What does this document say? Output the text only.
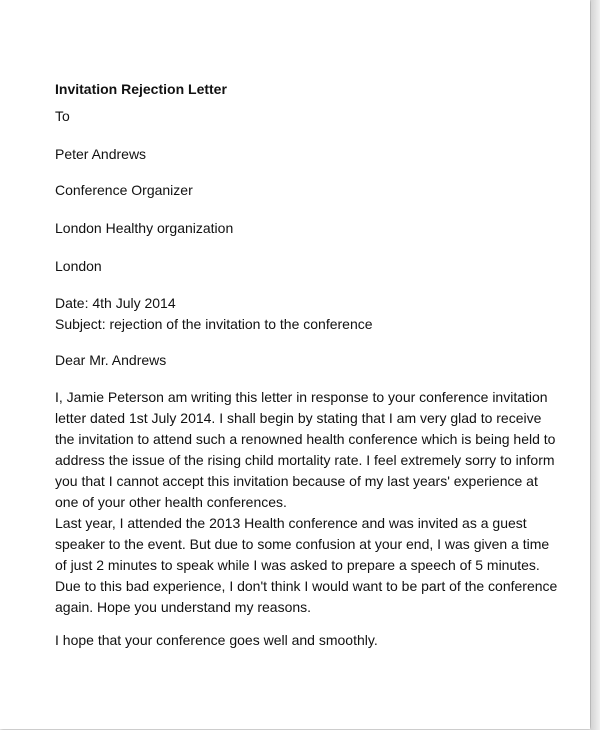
Invitation Rejection Letter

To

Peter Andrews

Conference Organizer

London Healthy organization

London

Date: 4th July 2014

Subject: rejection of the invitation to the conference

Dear Mr. Andrews

I, Jamie Peterson am writing this letter in response to your conference invitation

letter dated 1st July 2014. I shall begin by stating that I am very glad to receive

the invitation to attend such a renowned health conference which is being held to

address the issue of the rising child mortality rate. I feel extremely sorry to inform

you that I cannot accept this invitation because of my last years' experience at

one of your other health conferences.

Last year, I attended the 2013 Health conference and was invited as a guest

speaker to the event. But due to some confusion at your end, I was given a time

of just 2 minutes to speak while I was asked to prepare a speech of 5 minutes.

Due to this bad experience, I don't think I would want to be part of the conference

again. Hope you understand my reasons.

I hope that your conference goes well and smoothly.
